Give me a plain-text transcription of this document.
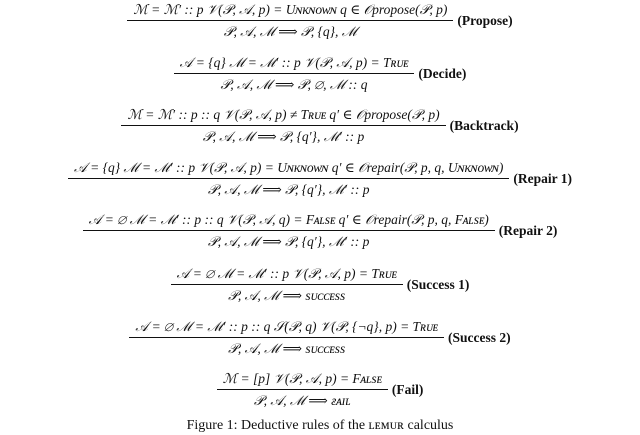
ℳ = ℳ′ :: p 𝒱(𝒫, 𝒜, p) = Uɴᴋɴᴏᴡɴ q ∈ 𝒪propose(𝒫, p)
𝒫, 𝒜, ℳ ⟹ 𝒫, {q}, ℳ
(Propose)
$\frac{\text{𝒜 = \{q\} ℳ = ℳ′ :: p 𝒱(𝒫, 𝒜, p) = Tʀᴜᴇ}}{\text{𝒫, 𝒜, ℳ ⟹ 𝒫, ∅, ℳ :: q}}$ (Decide)
ℳ = ℳ′ :: p :: q 𝒱(𝒫, 𝒜, p) ≠ Tʀᴜᴇ q′ ∈ 𝒪propose(𝒫, p)
𝒫, 𝒜, ℳ ⟹ 𝒫, {q′}, ℳ′ :: p
(Backtrack)
𝒜 = {q} ℳ = ℳ′ :: p 𝒱(𝒫, 𝒜, p) = Uɴᴋɴᴏᴡɴ q′ ∈ 𝒪repair(𝒫, p, q, Uɴᴋɴᴏᴡɴ)
𝒫, 𝒜, ℳ ⟹ 𝒫, {q′}, ℳ′ :: p
(Repair 1)
𝒜 = ∅ ℳ = ℳ′ :: p :: q 𝒱(𝒫, 𝒜, q) = Fᴀʟsᴇ q′ ∈ 𝒪repair(𝒫, p, q, Fᴀʟsᴇ)
𝒫, 𝒜, ℳ ⟹ 𝒫, {q′}, ℳ′ :: p
(Repair 2)
$\frac{\text{𝒜 = ∅ ℳ = ℳ′ :: p 𝒱(𝒫, 𝒜, p) = Tʀᴜᴇ}}{\text{𝒫, 𝒜, ℳ ⟹ sᴜᴄᴄᴇss}}$ (Success 1)
𝒜 = ∅ ℳ = ℳ′ :: p :: q 𝒮(𝒫, q) 𝒱(𝒫, {¬q}, p) = Tʀᴜᴇ
𝒫, 𝒜, ℳ ⟹ sᴜᴄᴄᴇss
(Success 2)
$\frac{\text{ℳ = [p] 𝒱(𝒫, 𝒜, p) = Fᴀʟsᴇ}}{\text{𝒫, 𝒜, ℳ ⟹ ғᴀɪʟ}}$ (Fail)
Figure 1: Deductive rules of the ʟᴇᴍᴜʀ calculus
